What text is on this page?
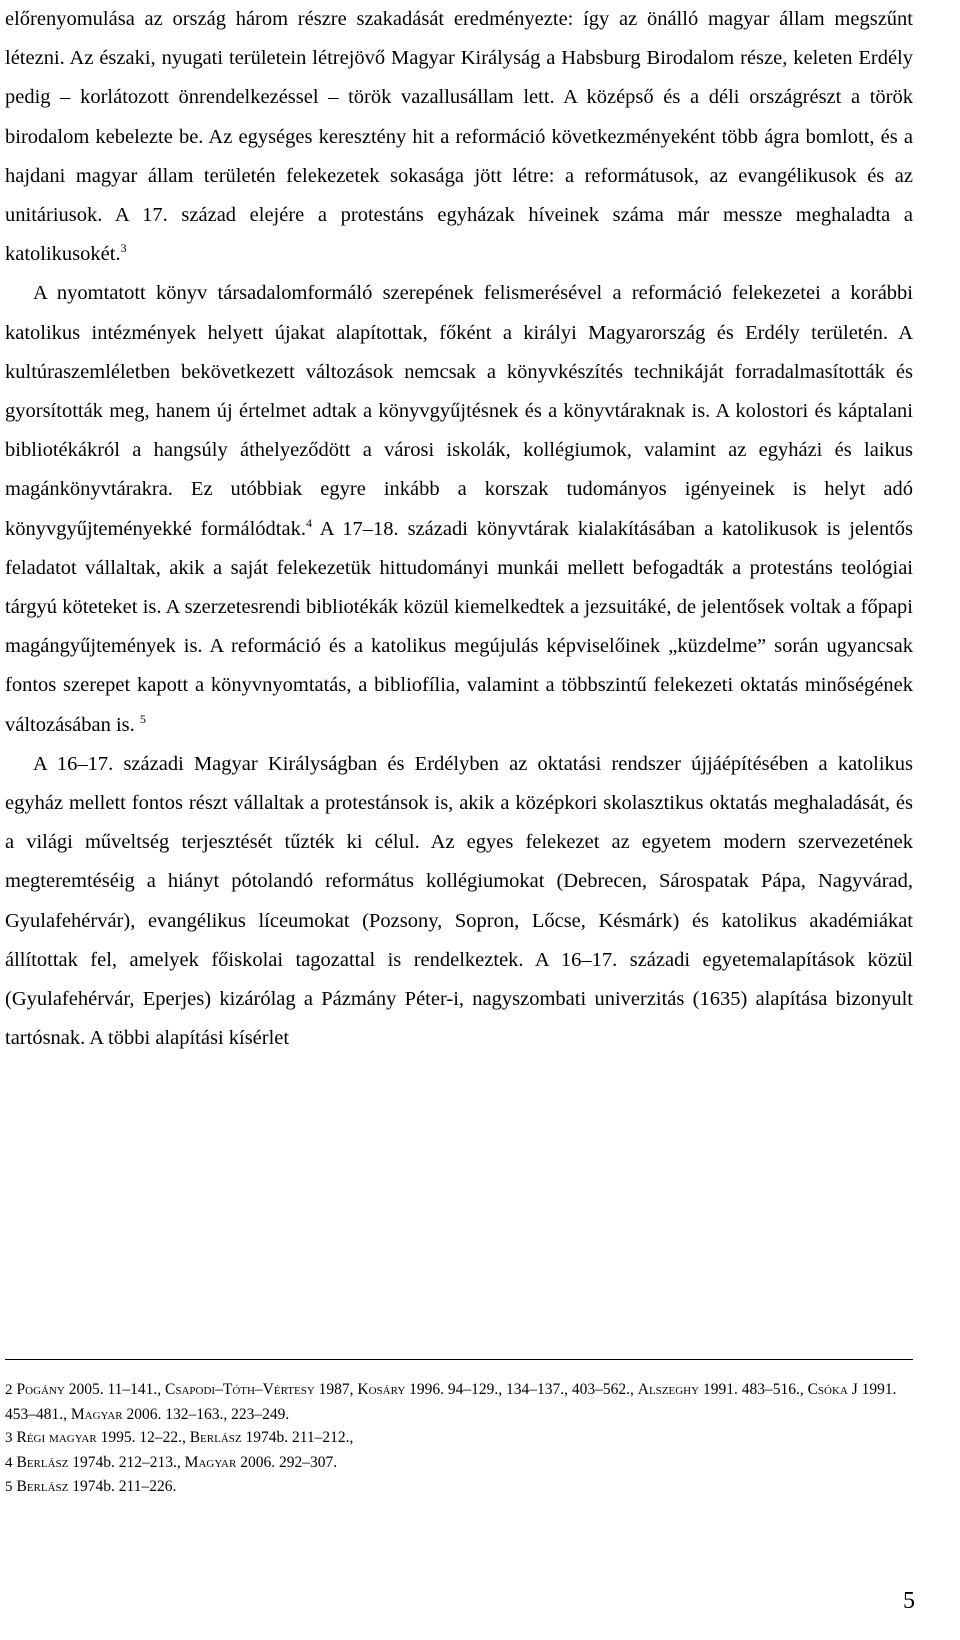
előrenyomulása az ország három részre szakadását eredményezte: így az önálló magyar állam megszűnt létezni. Az északi, nyugati területein létrejövő Magyar Királyság a Habsburg Birodalom része, keleten Erdély pedig – korlátozott önrendelkezéssel – török vazallusállam lett. A középső és a déli országrészt a török birodalom kebelezte be. Az egységes keresztény hit a reformáció következményeként több ágra bomlott, és a hajdani magyar állam területén felekezetek sokasága jött létre: a reformátusok, az evangélikusok és az unitáriusok. A 17. század elejére a protestáns egyházak híveinek száma már messze meghaladta a katolikusokét.$^3$

A nyomtatott könyv társadalomformáló szerepének felismerésével a reformáció felekezetei a korábbi katolikus intézmények helyett újakat alapítottak, főként a királyi Magyarország és Erdély területén. A kultúraszemléletben bekövetkezett változások nemcsak a könyvkészítés technikáját forradalmasították és gyorsították meg, hanem új értelmet adtak a könyvgyűjtésnek és a könyvtáraknak is. A kolostori és káptalani bibliotékákról a hangsúly áthelyeződött a városi iskolák, kollégiumok, valamint az egyházi és laikus magánkönyvtárakra. Ez utóbbiak egyre inkább a korszak tudományos igényeinek is helyt adó könyvgyűjteményekké formálódtak.$^4$ A 17–18. századi könyvtárak kialakításában a katolikusok is jelentős feladatot vállaltak, akik a saját felekezetük hittudományi munkái mellett befogadták a protestáns teológiai tárgyú köteteket is. A szerzetesrendi bibliotékák közül kiemelkedtek a jezsuitáké, de jelentősek voltak a főpapi magángyűjtemények is. A reformáció és a katolikus megújulás képviselőinek „küzdelme” során ugyancsak fontos szerepet kapott a könyvnyomtatás, a bibliofília, valamint a többszintű felekezeti oktatás minőségének változásában is. $^5$

A 16–17. századi Magyar Királyságban és Erdélyben az oktatási rendszer újjáépítésében a katolikus egyház mellett fontos részt vállaltak a protestánsok is, akik a középkori skolasztikus oktatás meghaladását, és a világi műveltség terjesztését tűzték ki célul. Az egyes felekezet az egyetem modern szervezetének megteremtéséig a hiányt pótolandó református kollégiumokat (Debrecen, Sárospatak Pápa, Nagyvárad, Gyulafehérvár), evangélikus líceumokat (Pozsony, Sopron, Lőcse, Késmárk) és katolikus akadémiákat állítottak fel, amelyek főiskolai tagozattal is rendelkeztek. A 16–17. századi egyetemalapítások közül (Gyulafehérvár, Eperjes) kizárólag a Pázmány Péter-i, nagyszombati univerzitás (1635) alapítása bizonyult tartósnak. A többi alapítási kísérlet

2 Pogány 2005. 11–141., Csapodi–Tóth–Vértesy 1987, Kosáry 1996. 94–129., 134–137., 403–562., Alszeghy 1991. 483–516., Csóka J 1991. 453–481., Magyar 2006. 132–163., 223–249.

3 Régi magyar 1995. 12–22., Berlász 1974b. 211–212.,

4 Berlász 1974b. 212–213., Magyar 2006. 292–307.

5 Berlász 1974b. 211–226.

5
